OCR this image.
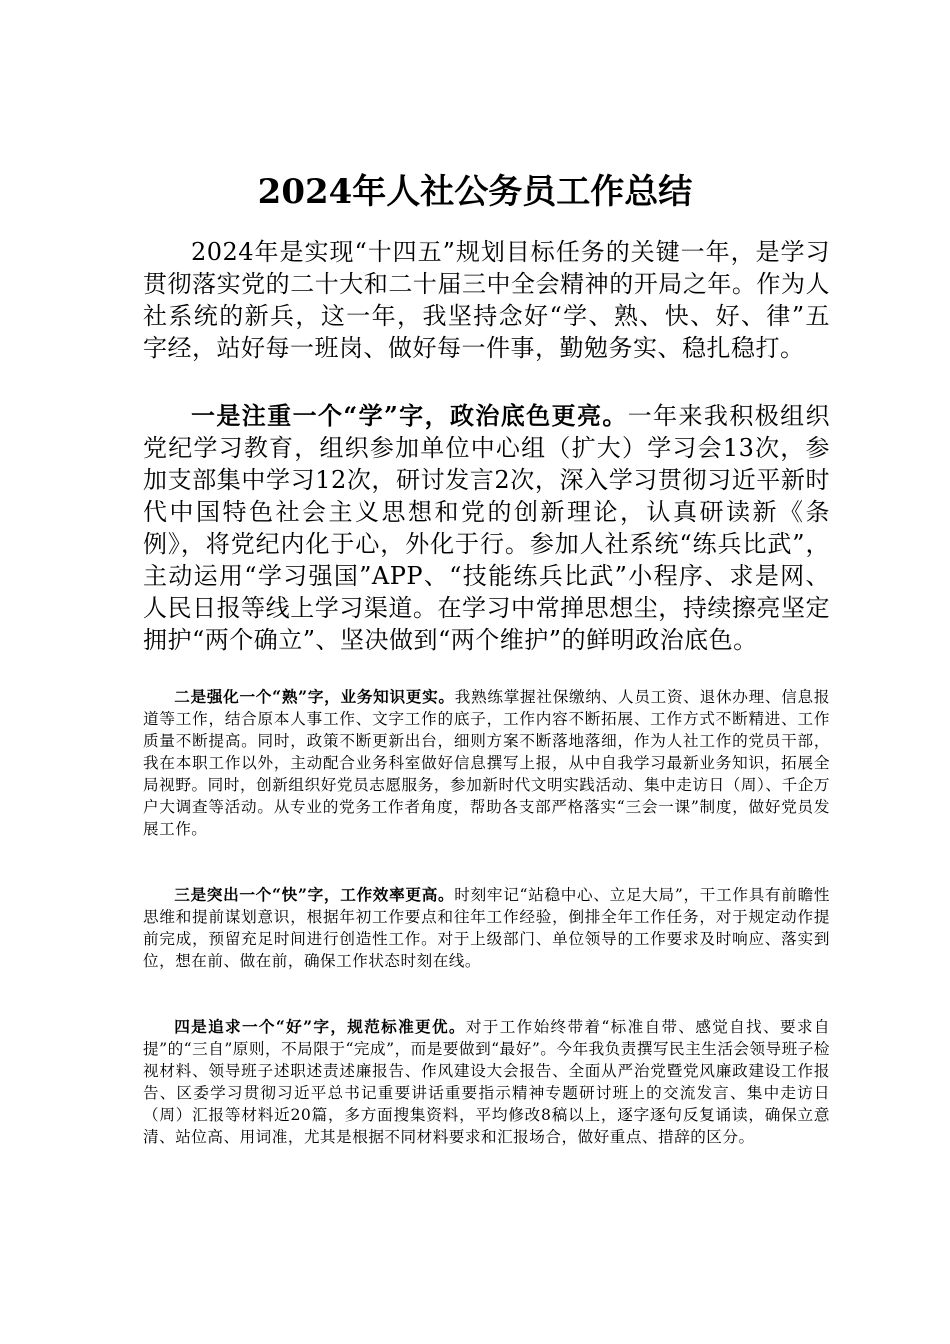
2024年人社公务员工作总结

2024年是实现“十四五”规划目标任务的关键一年，是学习贯彻落实党的二十大和二十届三中全会精神的开局之年。作为人社系统的新兵，这一年，我坚持念好“学、熟、快、好、律”五字经，站好每一班岗、做好每一件事，勤勉务实、稳扎稳打。

一是注重一个“学”字，政治底色更亮。一年来我积极组织党纪学习教育，组织参加单位中心组（扩大）学习会13次，参加支部集中学习12次，研讨发言2次，深入学习贯彻习近平新时代中国特色社会主义思想和党的创新理论，认真研读新《条例》，将党纪内化于心，外化于行。参加人社系统“练兵比武”，主动运用“学习强国”APP、“技能练兵比武”小程序、求是网、人民日报等线上学习渠道。在学习中常掸思想尘，持续擦亮坚定拥护“两个确立”、坚决做到“两个维护”的鲜明政治底色。

二是强化一个“熟”字，业务知识更实。我熟练掌握社保缴纳、人员工资、退休办理、信息报道等工作，结合原本人事工作、文字工作的底子，工作内容不断拓展、工作方式不断精进、工作质量不断提高。同时，政策不断更新出台，细则方案不断落地落细，作为人社工作的党员干部，我在本职工作以外，主动配合业务科室做好信息撰写上报，从中自我学习最新业务知识，拓展全局视野。同时，创新组织好党员志愿服务，参加新时代文明实践活动、集中走访日（周）、千企万户大调查等活动。从专业的党务工作者角度，帮助各支部严格落实“三会一课”制度，做好党员发展工作。

三是突出一个“快”字，工作效率更高。时刻牢记“站稳中心、立足大局”，干工作具有前瞻性思维和提前谋划意识，根据年初工作要点和往年工作经验，倒排全年工作任务，对于规定动作提前完成，预留充足时间进行创造性工作。对于上级部门、单位领导的工作要求及时响应、落实到位，想在前、做在前，确保工作状态时刻在线。

四是追求一个“好”字，规范标准更优。对于工作始终带着“标准自带、感觉自找、要求自提”的“三自”原则，不局限于“完成”，而是要做到“最好”。今年我负责撰写民主生活会领导班子检视材料、领导班子述职述责述廉报告、作风建设大会报告、全面从严治党暨党风廉政建设工作报告、区委学习贯彻习近平总书记重要讲话重要指示精神专题研讨班上的交流发言、集中走访日（周）汇报等材料近20篇，多方面搜集资料，平均修改8稿以上，逐字逐句反复诵读，确保立意清、站位高、用词准，尤其是根据不同材料要求和汇报场合，做好重点、措辞的区分。
